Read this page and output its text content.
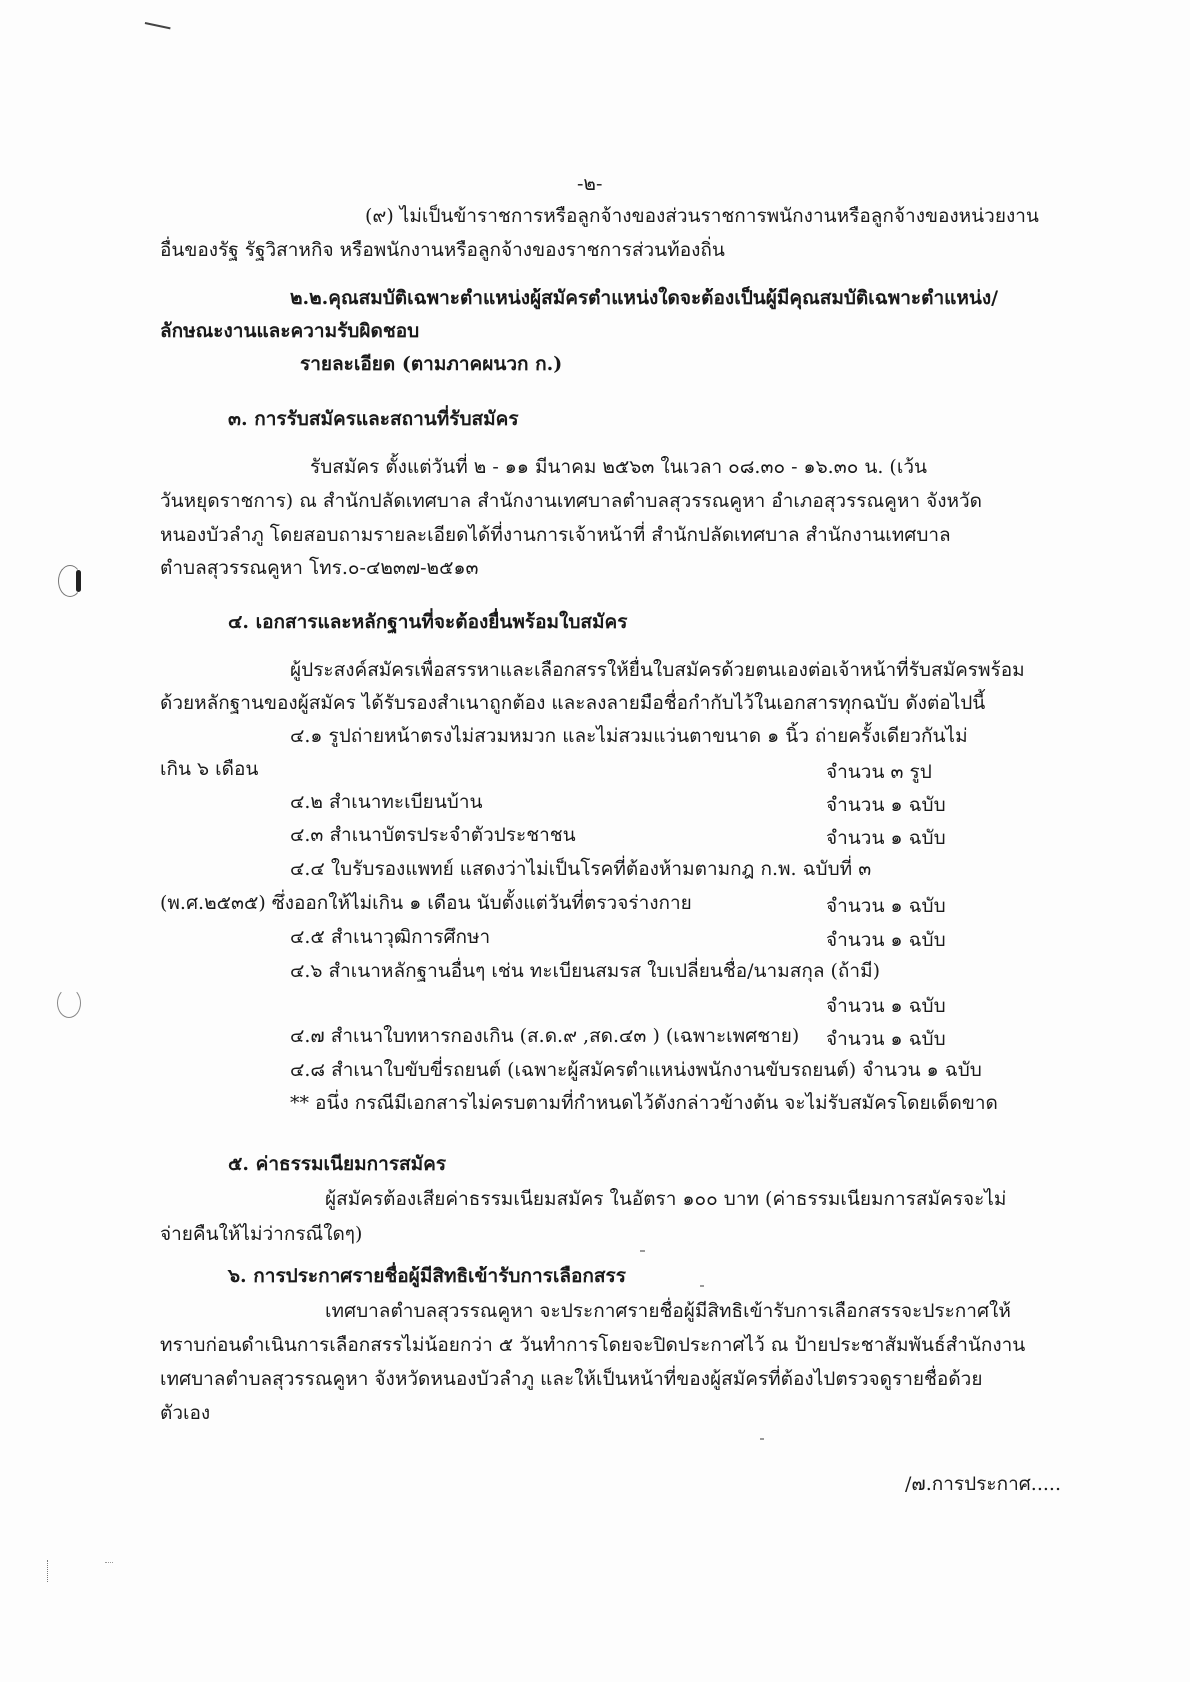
-๒-
(๙) ไม่เป็นข้าราชการหรือลูกจ้างของส่วนราชการพนักงานหรือลูกจ้างของหน่วยงาน
อื่นของรัฐ รัฐวิสาหกิจ หรือพนักงานหรือลูกจ้างของราชการส่วนท้องถิ่น
๒.๒.คุณสมบัติเฉพาะตำแหน่งผู้สมัครตำแหน่งใดจะต้องเป็นผู้มีคุณสมบัติเฉพาะตำแหน่ง/
ลักษณะงานและความรับผิดชอบ
รายละเอียด (ตามภาคผนวก ก.)
๓. การรับสมัครและสถานที่รับสมัคร
รับสมัคร ตั้งแต่วันที่ ๒ - ๑๑ มีนาคม ๒๕๖๓ ในเวลา ๐๘.๓๐ - ๑๖.๓๐ น. (เว้น
วันหยุดราชการ) ณ สำนักปลัดเทศบาล สำนักงานเทศบาลตำบลสุวรรณคูหา อำเภอสุวรรณคูหา จังหวัด
หนองบัวลำภู โดยสอบถามรายละเอียดได้ที่งานการเจ้าหน้าที่ สำนักปลัดเทศบาล สำนักงานเทศบาล
ตำบลสุวรรณคูหา โทร.๐-๔๒๓๗-๒๕๑๓
๔. เอกสารและหลักฐานที่จะต้องยื่นพร้อมใบสมัคร
ผู้ประสงค์สมัครเพื่อสรรหาและเลือกสรรให้ยื่นใบสมัครด้วยตนเองต่อเจ้าหน้าที่รับสมัครพร้อม
ด้วยหลักฐานของผู้สมัคร ได้รับรองสำเนาถูกต้อง และลงลายมือชื่อกำกับไว้ในเอกสารทุกฉบับ ดังต่อไปนี้
๔.๑ รูปถ่ายหน้าตรงไม่สวมหมวก และไม่สวมแว่นตาขนาด ๑ นิ้ว ถ่ายครั้งเดียวกันไม่
เกิน ๖ เดือน	จำนวน ๓ รูป
๔.๒ สำเนาทะเบียนบ้าน	จำนวน ๑ ฉบับ
๔.๓ สำเนาบัตรประจำตัวประชาชน	จำนวน ๑ ฉบับ
๔.๔ ใบรับรองแพทย์ แสดงว่าไม่เป็นโรคที่ต้องห้ามตามกฎ ก.พ. ฉบับที่ ๓
(พ.ศ.๒๕๓๕) ซึ่งออกให้ไม่เกิน ๑ เดือน นับตั้งแต่วันที่ตรวจร่างกาย	จำนวน ๑ ฉบับ
๔.๕ สำเนาวุฒิการศึกษา	จำนวน ๑ ฉบับ
๔.๖ สำเนาหลักฐานอื่นๆ เช่น ทะเบียนสมรส ใบเปลี่ยนชื่อ/นามสกุล (ถ้ามี)
จำนวน ๑ ฉบับ
๔.๗ สำเนาใบทหารกองเกิน (ส.ด.๙ ,สด.๔๓ ) (เฉพาะเพศชาย) จำนวน ๑ ฉบับ
๔.๘ สำเนาใบขับขี่รถยนต์ (เฉพาะผู้สมัครตำแหน่งพนักงานขับรถยนต์) จำนวน ๑ ฉบับ
** อนึ่ง กรณีมีเอกสารไม่ครบตามที่กำหนดไว้ดังกล่าวข้างต้น จะไม่รับสมัครโดยเด็ดขาด
๕. ค่าธรรมเนียมการสมัคร
ผู้สมัครต้องเสียค่าธรรมเนียมสมัคร ในอัตรา ๑๐๐ บาท (ค่าธรรมเนียมการสมัครจะไม่
จ่ายคืนให้ไม่ว่ากรณีใดๆ)
๖. การประกาศรายชื่อผู้มีสิทธิเข้ารับการเลือกสรร
เทศบาลตำบลสุวรรณคูหา จะประกาศรายชื่อผู้มีสิทธิเข้ารับการเลือกสรรจะประกาศให้
ทราบก่อนดำเนินการเลือกสรรไม่น้อยกว่า ๕ วันทำการโดยจะปิดประกาศไว้ ณ ป้ายประชาสัมพันธ์สำนักงาน
เทศบาลตำบลสุวรรณคูหา จังหวัดหนองบัวลำภู และให้เป็นหน้าที่ของผู้สมัครที่ต้องไปตรวจดูรายชื่อด้วย
ตัวเอง
/๗.การประกาศ.....
